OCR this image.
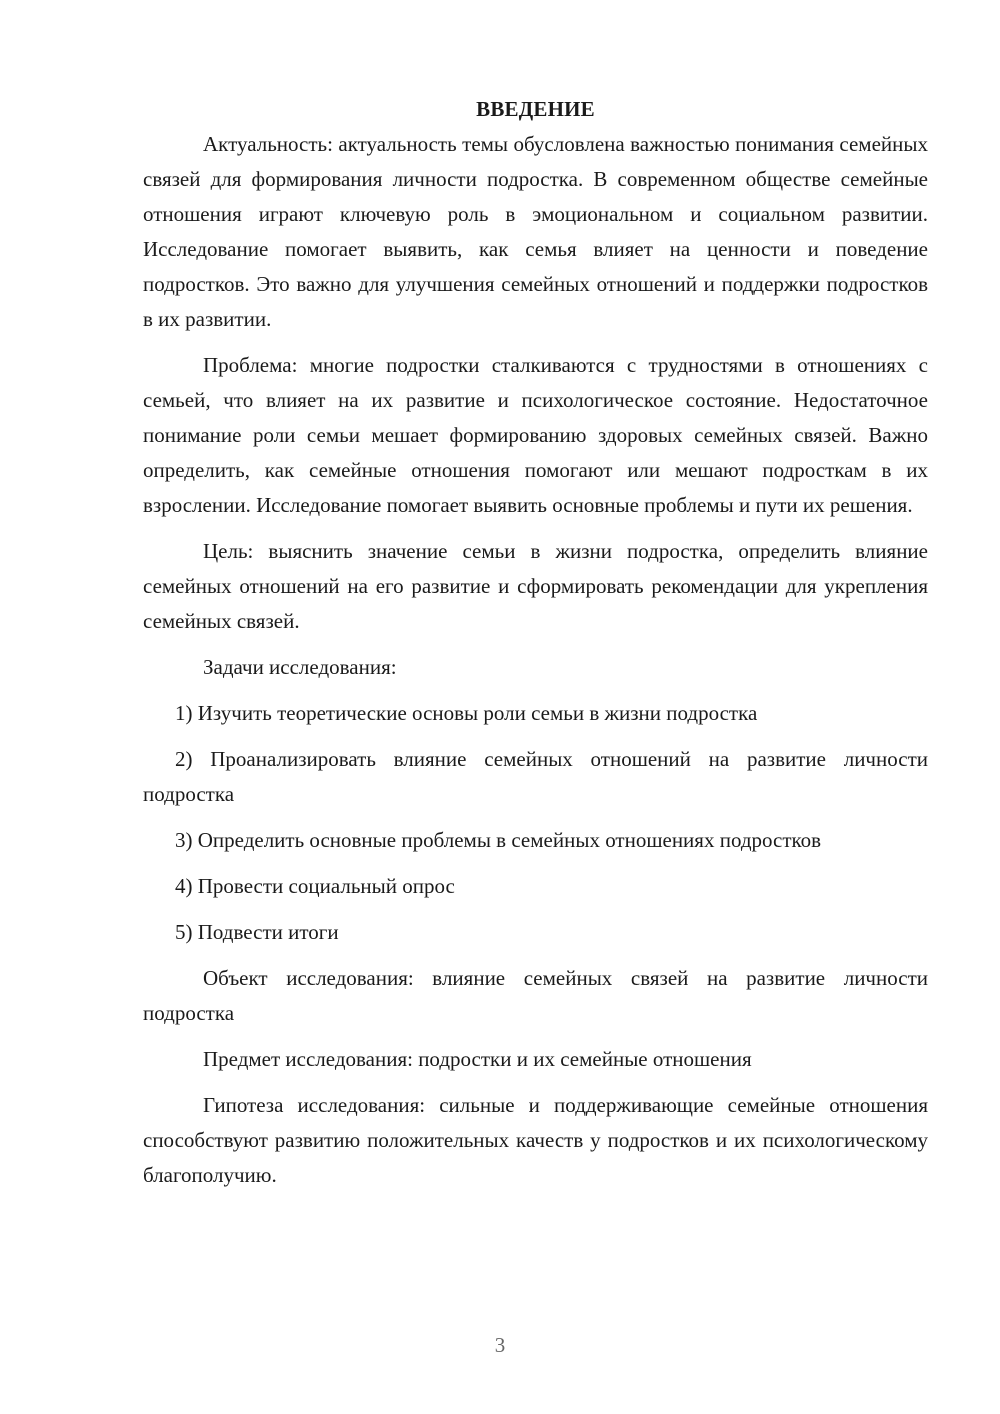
ВВЕДЕНИЕ

Актуальность: актуальность темы обусловлена важностью понимания семейных связей для формирования личности подростка. В современном обществе семейные отношения играют ключевую роль в эмоциональном и социальном развитии. Исследование помогает выявить, как семья влияет на ценности и поведение подростков. Это важно для улучшения семейных отношений и поддержки подростков в их развитии.

Проблема: многие подростки сталкиваются с трудностями в отношениях с семьей, что влияет на их развитие и психологическое состояние. Недостаточное понимание роли семьи мешает формированию здоровых семейных связей. Важно определить, как семейные отношения помогают или мешают подросткам в их взрослении. Исследование помогает выявить основные проблемы и пути их решения.

Цель: выяснить значение семьи в жизни подростка, определить влияние семейных отношений на его развитие и сформировать рекомендации для укрепления семейных связей.

Задачи исследования:

1) Изучить теоретические основы роли семьи в жизни подростка

2) Проанализировать влияние семейных отношений на развитие личности подростка

3) Определить основные проблемы в семейных отношениях подростков

4) Провести социальный опрос

5) Подвести итоги

Объект исследования: влияние семейных связей на развитие личности подростка

Предмет исследования: подростки и их семейные отношения

Гипотеза исследования: сильные и поддерживающие семейные отношения способствуют развитию положительных качеств у подростков и их психологическому благополучию.

3
